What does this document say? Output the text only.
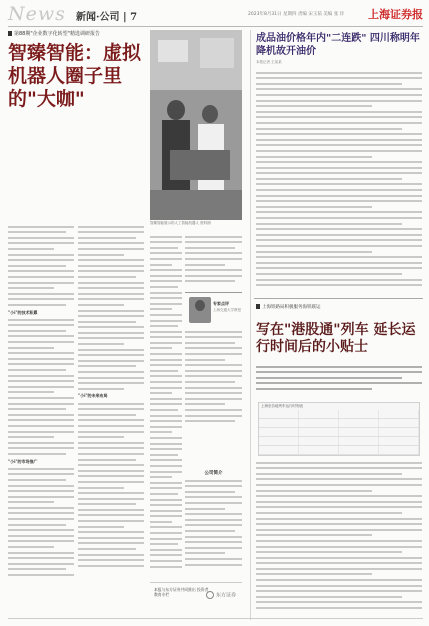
News 新闻·公司 | 7	2023年8月31日 星期四 责编 宋玉茹 美编 张 洋 上海证券报
第88期"企业数字化转型"精选调研报告
智臻智能：虚拟机器人圈子里的"大咖"
智臻智能展示的人工智能机器人 资料图
"小i"的技术积累
"小i"的市场推广
"小i"的未来布局
专家点评
上海交通大学教授
公司简介
本报与东方证券共同推出 投资者教育专栏	东方证券
成品油价格年内"二连跌" 四川称明年降机故开油价
本报记者 王某某
上海铁路局积极服务海铁联运
写在"港股通"列车 延长运行时间后的小贴士
上海至各地列车运行时刻表
